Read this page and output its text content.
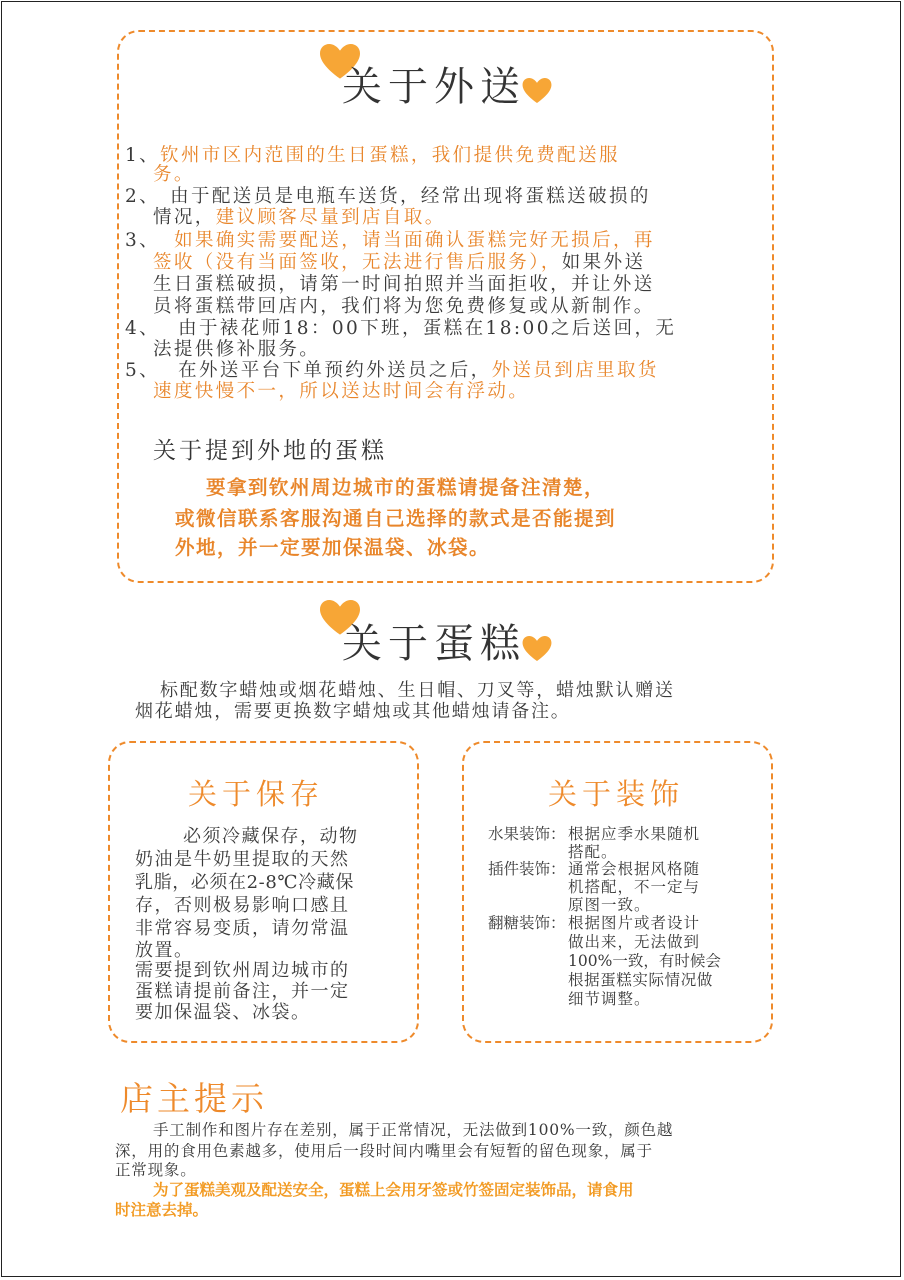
关于外送
1、钦州市区内范围的生日蛋糕，我们提供免费配送服
务。
2、 由于配送员是电瓶车送货，经常出现将蛋糕送破损的
情况，建议顾客尽量到店自取。
3、 如果确实需要配送，请当面确认蛋糕完好无损后，再
签收（没有当面签收，无法进行售后服务），如果外送
生日蛋糕破损，请第一时间拍照并当面拒收，并让外送
员将蛋糕带回店内，我们将为您免费修复或从新制作。
4、 由于裱花师18：00下班，蛋糕在18:00之后送回，无
法提供修补服务。
5、 在外送平台下单预约外送员之后，外送员到店里取货
速度快慢不一，所以送达时间会有浮动。
关于提到外地的蛋糕
要拿到钦州周边城市的蛋糕请提备注清楚，
或微信联系客服沟通自己选择的款式是否能提到
外地，并一定要加保温袋、冰袋。
关于蛋糕
标配数字蜡烛或烟花蜡烛、生日帽、刀叉等，蜡烛默认赠送
烟花蜡烛，需要更换数字蜡烛或其他蜡烛请备注。
关于保存
必须冷藏保存，动物
奶油是牛奶里提取的天然
乳脂，必须在2-8℃冷藏保
存，否则极易影响口感且
非常容易变质，请勿常温
放置。
需要提到钦州周边城市的
蛋糕请提前备注，并一定
要加保温袋、冰袋。
关于装饰
水果装饰： 根据应季水果随机
搭配。
插件装饰： 通常会根据风格随
机搭配，不一定与
原图一致。
翻糖装饰： 根据图片或者设计
做出来，无法做到
100%一致，有时候会
根据蛋糕实际情况做
细节调整。
店主提示
手工制作和图片存在差别，属于正常情况，无法做到100%一致，颜色越
深，用的食用色素越多，使用后一段时间内嘴里会有短暂的留色现象，属于
正常现象。
为了蛋糕美观及配送安全，蛋糕上会用牙签或竹签固定装饰品，请食用
时注意去掉。
